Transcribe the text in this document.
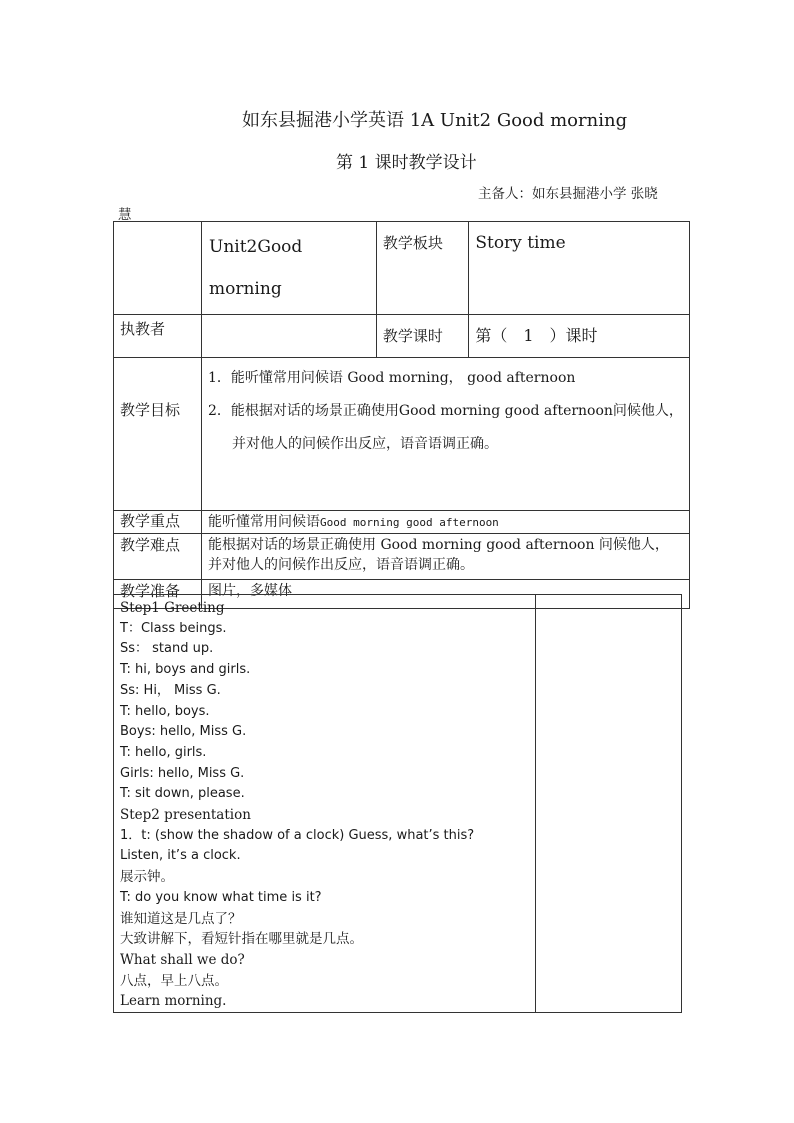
如东县掘港小学英语 1A Unit2 Good morning
第 1 课时教学设计
主备人：如东县掘港小学 张晓
慧

	Unit2Good morning	教学板块	Story time

执教者		教学课时	第（　1　）课时

教学目标	1．能听懂常用问候语 Good morning， good afternoon
2．能根据对话的场景正确使用Good morning good afternoon问候他人，
并对他人的问候作出反应，语音语调正确。		

教学重点	能听懂常用问候语Good morning good afternoon		

教学难点	能根据对话的场景正确使用 Good morning good afternoon 问候他人，
并对他人的问候作出反应，语音语调正确。		

教学准备	图片，多媒体		
Step1 Greeting
T：Class beings.
Ss： stand up.
T: hi, boys and girls.
Ss: Hi， Miss G.
T: hello, boys.
Boys: hello, Miss G.
T: hello, girls.
Girls: hello, Miss G.
T: sit down, please.
Step2 presentation
1．t: (show the shadow of a clock) Guess, what’s this?
Listen, it’s a clock.
展示钟。
T: do you know what time is it?
谁知道这是几点了？
大致讲解下，看短针指在哪里就是几点。
What shall we do?
八点，早上八点。
Learn morning.
